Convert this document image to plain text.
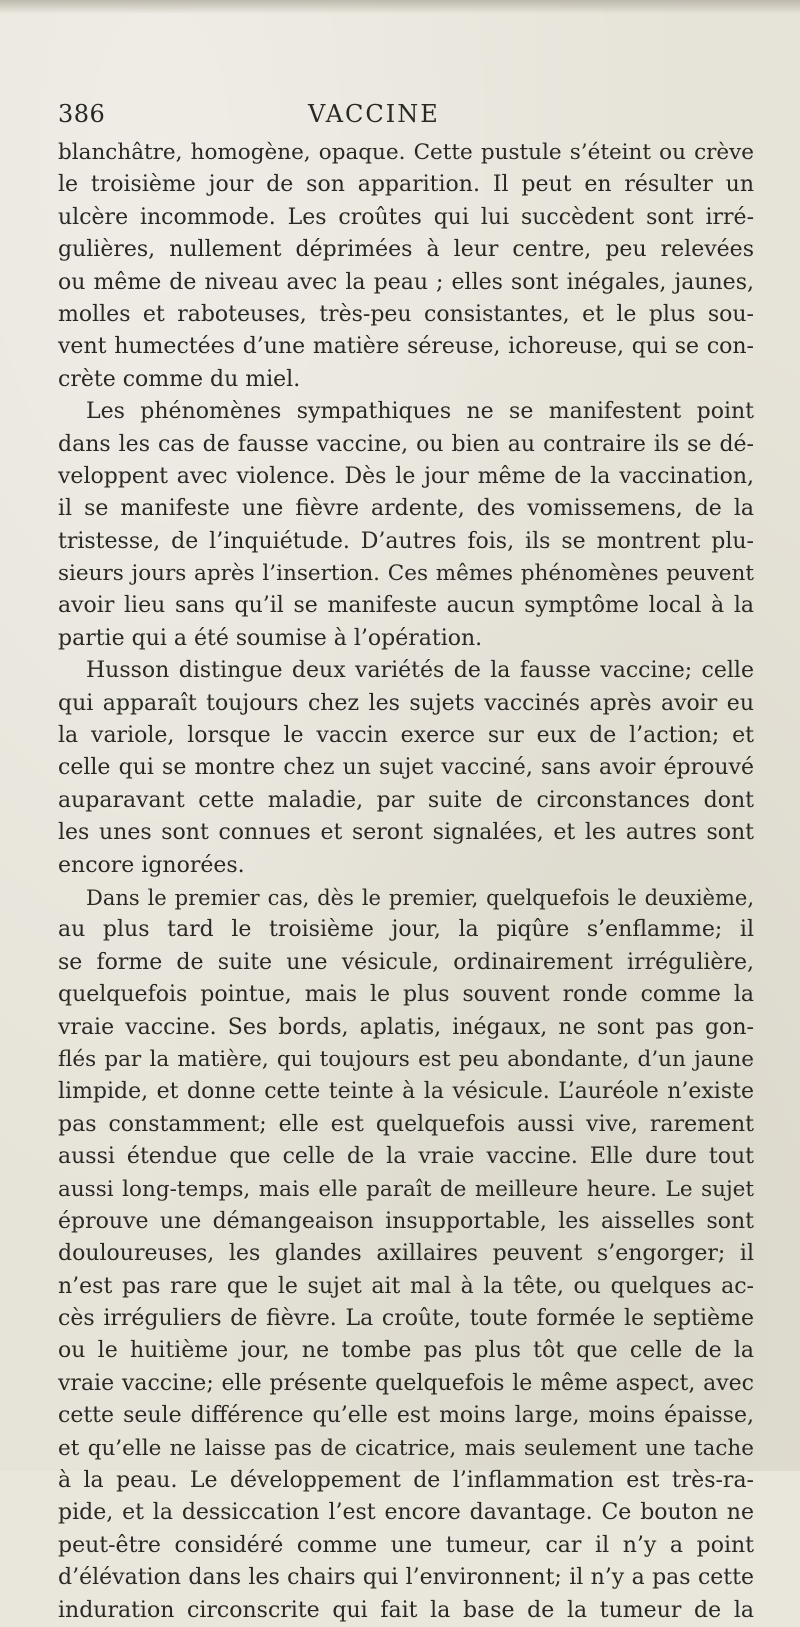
386	VACCINE
blanchâtre, homogène, opaque. Cette pustule s’éteint ou crève
le troisième jour de son apparition. Il peut en résulter un
ulcère incommode. Les croûtes qui lui succèdent sont irré-
gulières, nullement déprimées à leur centre, peu relevées
ou même de niveau avec la peau ; elles sont inégales, jaunes,
molles et raboteuses, très-peu consistantes, et le plus sou-
vent humectées d’une matière séreuse, ichoreuse, qui se con-
crète comme du miel.
Les phénomènes sympathiques ne se manifestent point
dans les cas de fausse vaccine, ou bien au contraire ils se dé-
veloppent avec violence. Dès le jour même de la vaccination,
il se manifeste une fièvre ardente, des vomissemens, de la
tristesse, de l’inquiétude. D’autres fois, ils se montrent plu-
sieurs jours après l’insertion. Ces mêmes phénomènes peuvent
avoir lieu sans qu’il se manifeste aucun symptôme local à la
partie qui a été soumise à l’opération.
Husson distingue deux variétés de la fausse vaccine; celle
qui apparaît toujours chez les sujets vaccinés après avoir eu
la variole, lorsque le vaccin exerce sur eux de l’action; et
celle qui se montre chez un sujet vacciné, sans avoir éprouvé
auparavant cette maladie, par suite de circonstances dont
les unes sont connues et seront signalées, et les autres sont
encore ignorées.
Dans le premier cas, dès le premier, quelquefois le deuxième,
au plus tard le troisième jour, la piqûre s’enflamme; il
se forme de suite une vésicule, ordinairement irrégulière,
quelquefois pointue, mais le plus souvent ronde comme la
vraie vaccine. Ses bords, aplatis, inégaux, ne sont pas gon-
flés par la matière, qui toujours est peu abondante, d’un jaune
limpide, et donne cette teinte à la vésicule. L’auréole n’existe
pas constamment; elle est quelquefois aussi vive, rarement
aussi étendue que celle de la vraie vaccine. Elle dure tout
aussi long-temps, mais elle paraît de meilleure heure. Le sujet
éprouve une démangeaison insupportable, les aisselles sont
douloureuses, les glandes axillaires peuvent s’engorger; il
n’est pas rare que le sujet ait mal à la tête, ou quelques ac-
cès irréguliers de fièvre. La croûte, toute formée le septième
ou le huitième jour, ne tombe pas plus tôt que celle de la
vraie vaccine; elle présente quelquefois le même aspect, avec
cette seule différence qu’elle est moins large, moins épaisse,
et qu’elle ne laisse pas de cicatrice, mais seulement une tache
à la peau. Le développement de l’inflammation est très-ra-
pide, et la dessiccation l’est encore davantage. Ce bouton ne
peut-être considéré comme une tumeur, car il n’y a point
d’élévation dans les chairs qui l’environnent; il n’y a pas cette
induration circonscrite qui fait la base de la tumeur de la
